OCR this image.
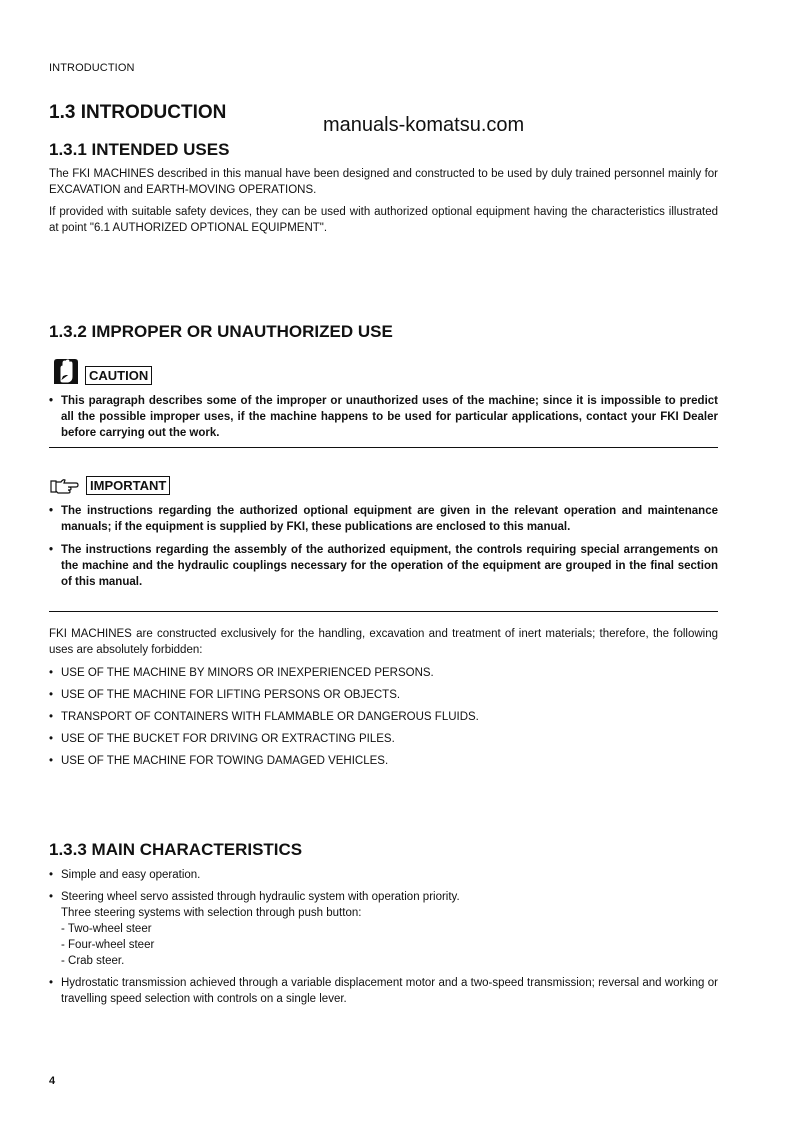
INTRODUCTION
1.3 INTRODUCTION
manuals-komatsu.com
1.3.1 INTENDED USES
The FKI MACHINES described in this manual have been designed and constructed to be used by duly trained personnel mainly for EXCAVATION and EARTH-MOVING OPERATIONS.
If provided with suitable safety devices, they can be used with authorized optional equipment having the characteristics illustrated at point "6.1 AUTHORIZED OPTIONAL EQUIPMENT".
1.3.2 IMPROPER OR UNAUTHORIZED USE
CAUTION
• This paragraph describes some of the improper or unauthorized uses of the machine; since it is impossible to predict all the possible improper uses, if the machine happens to be used for particular applications, contact your FKI Dealer before carrying out the work.
IMPORTANT
• The instructions regarding the authorized optional equipment are given in the relevant operation and maintenance manuals; if the equipment is supplied by FKI, these publications are enclosed to this manual.
• The instructions regarding the assembly of the authorized equipment, the controls requiring special arrangements on the machine and the hydraulic couplings necessary for the operation of the equipment are grouped in the final section of this manual.
FKI MACHINES are constructed exclusively for the handling, excavation and treatment of inert materials; therefore, the following uses are absolutely forbidden:
• USE OF THE MACHINE BY MINORS OR INEXPERIENCED PERSONS.
• USE OF THE MACHINE FOR LIFTING PERSONS OR OBJECTS.
• TRANSPORT OF CONTAINERS WITH FLAMMABLE OR DANGEROUS FLUIDS.
• USE OF THE BUCKET FOR DRIVING OR EXTRACTING PILES.
• USE OF THE MACHINE FOR TOWING DAMAGED VEHICLES.
1.3.3 MAIN CHARACTERISTICS
• Simple and easy operation.
• Steering wheel servo assisted through hydraulic system with operation priority.
Three steering systems with selection through push button:
- Two-wheel steer
- Four-wheel steer
- Crab steer.
• Hydrostatic transmission achieved through a variable displacement motor and a two-speed transmission; reversal and working or travelling speed selection with controls on a single lever.
4
